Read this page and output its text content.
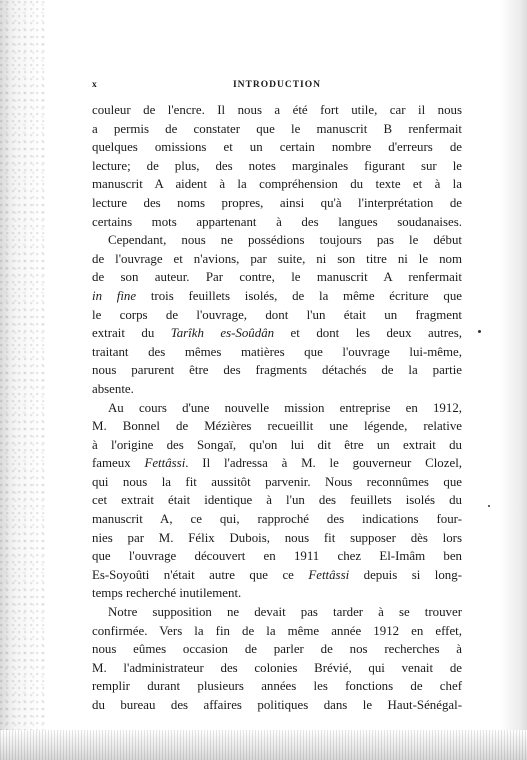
x	INTRODUCTION

couleur de l'encre. Il nous a été fort utile, car il nous
a permis de constater que le manuscrit B renfermait
quelques omissions et un certain nombre d'erreurs de
lecture; de plus, des notes marginales figurant sur le
manuscrit A aident à la compréhension du texte et à la
lecture des noms propres, ainsi qu'à l'interprétation de
certains mots appartenant à des langues soudanaises.

Cependant, nous ne possédions toujours pas le début
de l'ouvrage et n'avions, par suite, ni son titre ni le nom
de son auteur. Par contre, le manuscrit A renfermait
in fine trois feuillets isolés, de la même écriture que
le corps de l'ouvrage, dont l'un était un fragment
extrait du Tarîkh es-Soûdân et dont les deux autres,
traitant des mêmes matières que l'ouvrage lui-même,
nous parurent être des fragments détachés de la partie
absente.

Au cours d'une nouvelle mission entreprise en 1912,
M. Bonnel de Mézières recueillit une légende, relative
à l'origine des Songaï, qu'on lui dit être un extrait du
fameux Fettâssi. Il l'adressa à M. le gouverneur Clozel,
qui nous la fit aussitôt parvenir. Nous reconnûmes que
cet extrait était identique à l'un des feuillets isolés du
manuscrit A, ce qui, rapproché des indications four-
nies par M. Félix Dubois, nous fit supposer dès lors
que l'ouvrage découvert en 1911 chez El-Imâm ben
Es-Soyoûti n'était autre que ce Fettâssi depuis si long-
temps recherché inutilement.

Notre supposition ne devait pas tarder à se trouver
confirmée. Vers la fin de la même année 1912 en effet,
nous eûmes occasion de parler de nos recherches à
M. l'administrateur des colonies Brévié, qui venait de
remplir durant plusieurs années les fonctions de chef
du bureau des affaires politiques dans le Haut-Sénégal-
